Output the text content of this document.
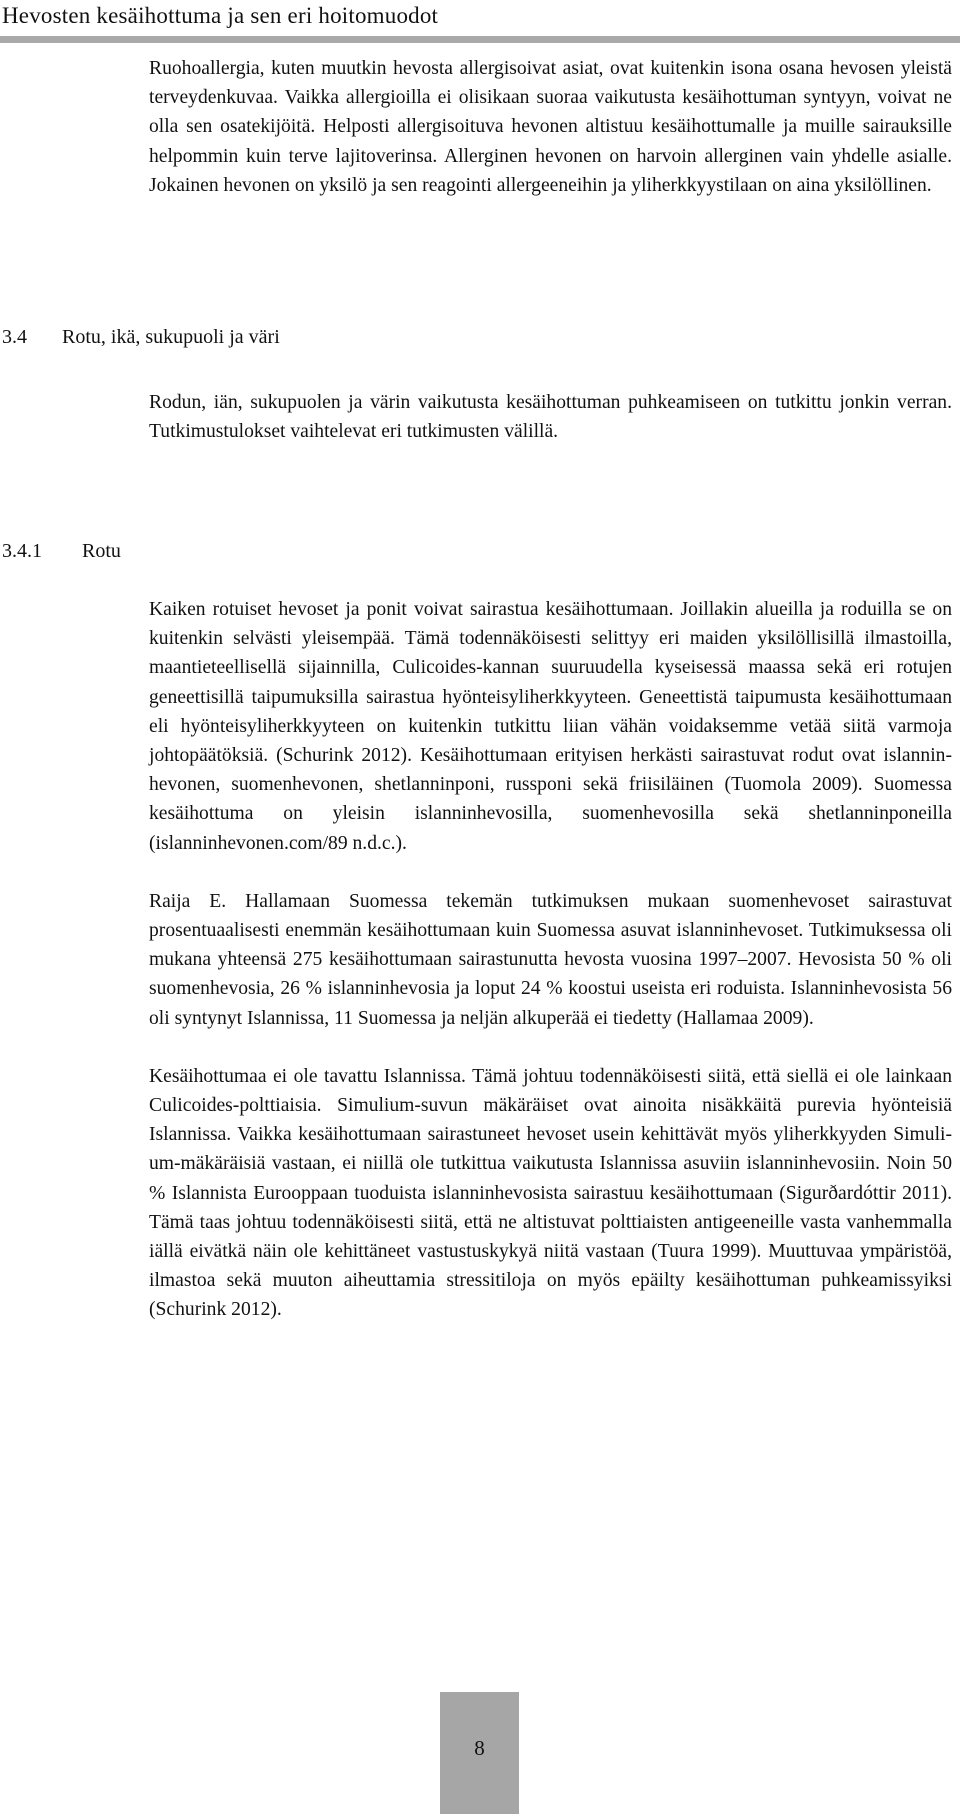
Hevosten kesäihottuma ja sen eri hoitomuodot

Ruohoallergia, kuten muutkin hevosta allergisoivat asiat, ovat kuitenkin isona osana hevosen yleistä terveydenkuvaa. Vaikka allergioilla ei olisikaan suoraa vaikutusta kesäihottuman syntyyn, voivat ne olla sen osatekijöitä. Helposti allergisoituva hevonen altistuu kesäihottumalle ja muille sairauksille helpommin kuin terve lajitoverinsa. Allerginen hevonen on harvoin allerginen vain yhdelle asialle. Jokainen hevonen on yksilö ja sen reagointi allergeeneihin ja yliherkkyystilaan on aina yksilöllinen.

3.4 Rotu, ikä, sukupuoli ja väri

Rodun, iän, sukupuolen ja värin vaikutusta kesäihottuman puhkeamiseen on tutkittu jonkin verran. Tutkimustulokset vaihtelevat eri tutkimusten välillä.

3.4.1 Rotu

Kaiken rotuiset hevoset ja ponit voivat sairastua kesäihottumaan. Joillakin alueilla ja roduilla se on kuitenkin selvästi yleisempää. Tämä todennäköisesti selittyy eri maiden yksilöllisillä ilmastoilla, maantieteellisellä sijainnilla, Culicoides-kannan suuruudella kyseisessä maassa sekä eri rotujen geneettisillä taipumuksilla sairastua hyönteisyliherkkyyteen. Geneettistä taipumusta kesäihottumaan eli hyönteisyliherkkyyteen on kuitenkin tutkittu liian vähän voidaksemme vetää siitä varmoja johtopäätöksiä. (Schurink 2012). Kesäihottumaan erityisen herkästi sairastuvat rodut ovat islanninhevonen, suomenhevonen, shetlanninponi, russponi sekä friisiläinen (Tuomola 2009). Suomessa kesäihottuma on yleisin islanninhevosilla, suomenhevosilla sekä shetlanninponeilla (islanninhevonen.com/89 n.d.c.).

Raija E. Hallamaan Suomessa tekemän tutkimuksen mukaan suomenhevoset sairastuvat prosentuaalisesti enemmän kesäihottumaan kuin Suomessa asuvat islanninhevoset. Tutkimuksessa oli mukana yhteensä 275 kesäihottumaan sairastunutta hevosta vuosina 1997–2007. Hevosista 50 % oli suomenhevosia, 26 % islanninhevosia ja loput 24 % koostui useista eri roduista. Islanninhevosista 56 oli syntynyt Islannissa, 11 Suomessa ja neljän alkuperää ei tiedetty (Hallamaa 2009).

Kesäihottumaa ei ole tavattu Islannissa. Tämä johtuu todennäköisesti siitä, että siellä ei ole lainkaan Culicoides-polttiaisia. Simulium-suvun mäkäräiset ovat ainoita nisäkkäitä purevia hyönteisiä Islannissa. Vaikka kesäihottumaan sairastuneet hevoset usein kehittävät myös yliherkkyyden Simulium-mäkäräisiä vastaan, ei niillä ole tutkittua vaikutusta Islannissa asuviin islanninhevosiin. Noin 50 % Islannista Eurooppaan tuoduista islanninhevosista sairastuu kesäihottumaan (Sigurðardóttir 2011). Tämä taas johtuu todennäköisesti siitä, että ne altistuvat polttiaisten antigeeneille vasta vanhemmalla iällä eivätkä näin ole kehittäneet vastustuskykyä niitä vastaan (Tuura 1999). Muuttuvaa ympäristöä, ilmastoa sekä muuton aiheuttamia stressitiloja on myös epäilty kesäihottuman puhkeamissyiksi (Schurink 2012).

8
